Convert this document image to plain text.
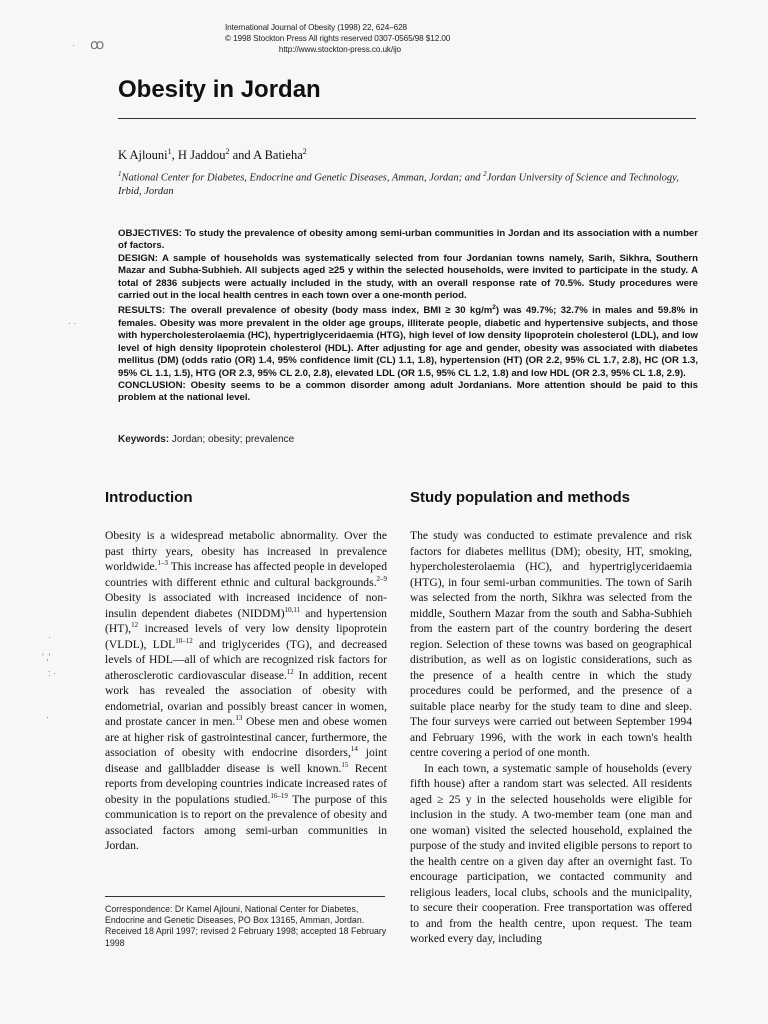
· ꝏ
· ·
·
' ,'
: ·
·
International Journal of Obesity (1998) 22, 624–628
© 1998 Stockton Press All rights reserved 0307-0565/98 $12.00
http://www.stockton-press.co.uk/ijo
Obesity in Jordan
K Ajlouni$^1$, H Jaddou$^2$ and A Batieha$^2$
$^1$National Center for Diabetes, Endocrine and Genetic Diseases, Amman, Jordan; and $^2$Jordan University of Science and Technology, Irbid, Jordan

OBJECTIVES: To study the prevalence of obesity among semi-urban communities in Jordan and its association with a number of factors.

DESIGN: A sample of households was systematically selected from four Jordanian towns namely, Sarih, Sikhra, Southern Mazar and Subha-Subhieh. All subjects aged ≥25 y within the selected households, were invited to participate in the study. A total of 2836 subjects were actually included in the study, with an overall response rate of 70.5%. Study procedures were carried out in the local health centres in each town over a one-month period.

RESULTS: The overall prevalence of obesity (body mass index, BMI ≥ 30 $kg/m^2$) was 49.7%; 32.7% in males and 59.8% in females. Obesity was more prevalent in the older age groups, illiterate people, diabetic and hypertensive subjects, and those with hypercholesterolaemia (HC), hypertriglyceridaemia (HTG), high level of low density lipoprotein cholesterol (LDL), and low level of high density lipoprotein cholesterol (HDL). After adjusting for age and gender, obesity was associated with diabetes mellitus (DM) (odds ratio (OR) 1.4, 95% confidence limit (CL) 1.1, 1.8), hypertension (HT) (OR 2.2, 95% CL 1.7, 2.8), HC (OR 1.3, 95% CL 1.1, 1.5), HTG (OR 2.3, 95% CL 2.0, 2.8), elevated LDL (OR 1.5, 95% CL 1.2, 1.8) and low HDL (OR 2.3, 95% CL 1.8, 2.9).

CONCLUSION: Obesity seems to be a common disorder among adult Jordanians. More attention should be paid to this problem at the national level.

Keywords: Jordan; obesity; prevalence
Introduction	Study population and methods

Obesity is a widespread metabolic abnormality. Over the past thirty years, obesity has increased in prevalence worldwide.$^{1-3}$ This increase has affected people in developed countries with different ethnic and cultural backgrounds.$^{2-9}$ Obesity is associated with increased incidence of non-insulin dependent diabetes (NIDDM)$^{10,11}$ and hypertension (HT),$^{12}$ increased levels of very low density lipoprotein (VLDL), LDL$^{10-12}$ and triglycerides (TG), and decreased levels of HDL—all of which are recognized risk factors for atherosclerotic cardiovascular disease.$^{12}$ In addition, recent work has revealed the association of obesity with endometrial, ovarian and possibly breast cancer in women, and prostate cancer in men.$^{13}$ Obese men and obese women are at higher risk of gastrointestinal cancer, furthermore, the association of obesity with endocrine disorders,$^{14}$ joint disease and gallbladder disease is well known.$^{15}$ Recent reports from developing countries indicate increased rates of obesity in the populations studied.$^{16-19}$ The purpose of this communication is to report on the prevalence of obesity and associated factors among semi-urban communities in Jordan.

The study was conducted to estimate prevalence and risk factors for diabetes mellitus (DM); obesity, HT, smoking, hypercholesterolaemia (HC), and hypertriglyceridaemia (HTG), in four semi-urban communities. The town of Sarih was selected from the north, Sikhra was selected from the middle, Southern Mazar from the south and Sabha-Subhieh from the eastern part of the country bordering the desert region. Selection of these towns was based on geographical distribution, as well as on logistic considerations, such as the presence of a health centre in which the study procedures could be performed, and the presence of a suitable place nearby for the study team to dine and sleep. The four surveys were carried out between September 1994 and February 1996, with the work in each town's health centre covering a period of one month.

In each town, a systematic sample of households (every fifth house) after a random start was selected. All residents aged ≥ 25 y in the selected households were eligible for inclusion in the study. A two-member team (one man and one woman) visited the selected household, explained the purpose of the study and invited eligible persons to report to the health centre on a given day after an overnight fast. To encourage participation, we contacted community and religious leaders, local clubs, schools and the municipality, to secure their cooperation. Free transportation was offered to and from the health centre, upon request. The team worked every day, including

Correspondence: Dr Kamel Ajlouni, National Center for Diabetes, Endocrine and Genetic Diseases, PO Box 13165, Amman, Jordan.

Received 18 April 1997; revised 2 February 1998; accepted 18 February 1998
